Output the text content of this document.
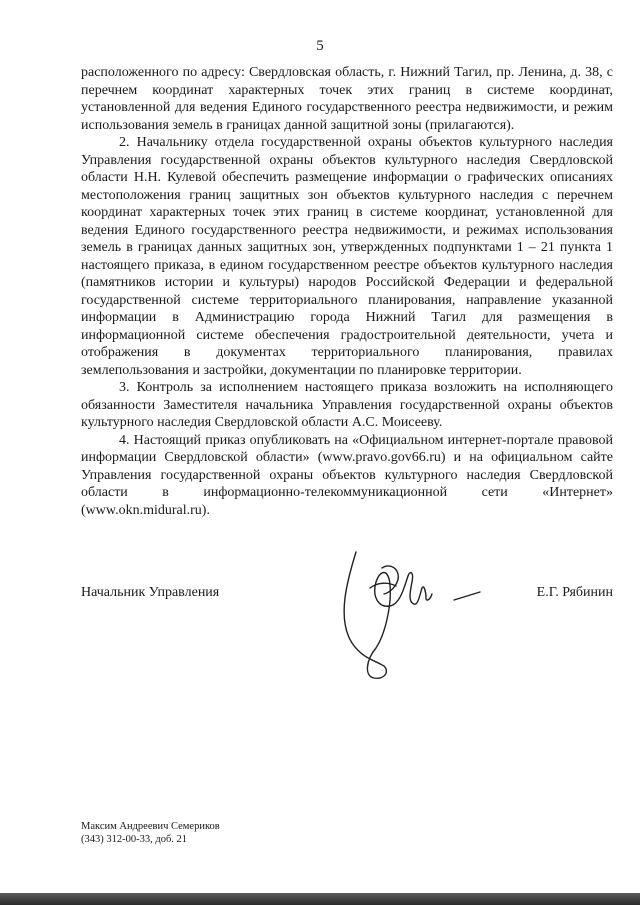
5

расположенного по адресу: Свердловская область, г. Нижний Тагил, пр. Ленина, д. 38, с перечнем координат характерных точек этих границ в системе координат, установленной для ведения Единого государственного реестра недвижимости, и режим использования земель в границах данной защитной зоны (прилагаются).

2. Начальнику отдела государственной охраны объектов культурного наследия Управления государственной охраны объектов культурного наследия Свердловской области Н.Н. Кулевой обеспечить размещение информации о графических описаниях местоположения границ защитных зон объектов культурного наследия с перечнем координат характерных точек этих границ в системе координат, установленной для ведения Единого государственного реестра недвижимости, и режимах использования земель в границах данных защитных зон, утвержденных подпунктами 1 – 21 пункта 1 настоящего приказа, в едином государственном реестре объектов культурного наследия (памятников истории и культуры) народов Российской Федерации и федеральной государственной системе территориального планирования, направление указанной информации в Администрацию города Нижний Тагил для размещения в информационной системе обеспечения градостроительной деятельности, учета и отображения в документах территориального планирования, правилах землепользования и застройки, документации по планировке территории.

3. Контроль за исполнением настоящего приказа возложить на исполняющего обязанности Заместителя начальника Управления государственной охраны объектов культурного наследия Свердловской области А.С. Моисееву.

4. Настоящий приказ опубликовать на «Официальном интернет-портале правовой информации Свердловской области» (www.pravo.gov66.ru) и на официальном сайте Управления государственной охраны объектов культурного наследия Свердловской области в информационно-телекоммуникационной сети «Интернет» (www.okn.midural.ru).

Начальник Управления	Е.Г. Рябинин
Максим Андреевич Семериков
(343) 312-00-33, доб. 21
